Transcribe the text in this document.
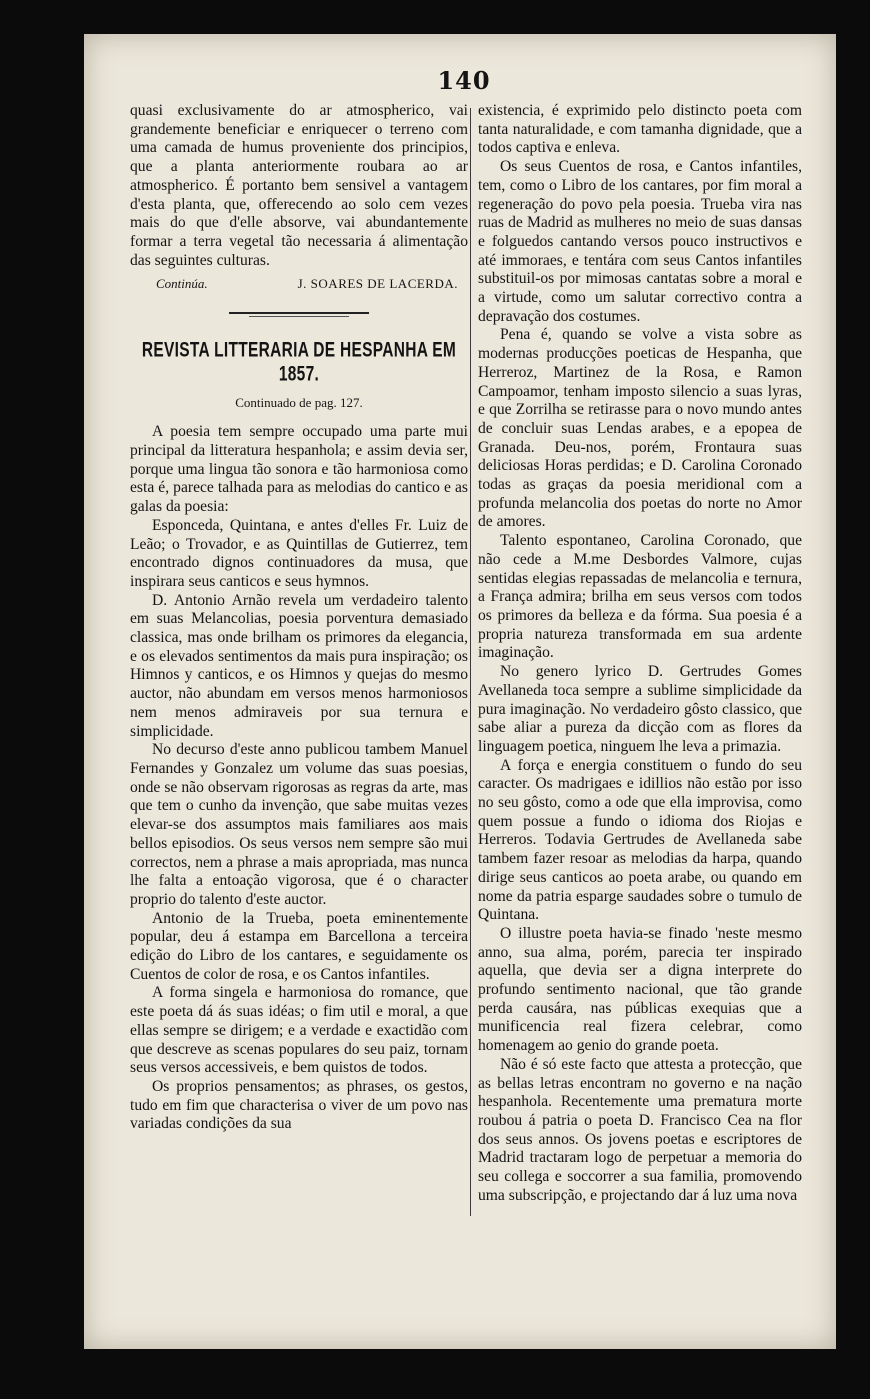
140

quasi exclusivamente do ar atmospherico, vai grandemente beneficiar e enriquecer o terreno com uma camada de humus proveniente dos principios, que a planta anteriormente roubara ao ar atmospherico. É portanto bem sensivel a vantagem d'esta planta, que, offerecendo ao solo cem vezes mais do que d'elle absorve, vai abundantemente formar a terra vegetal tão necessaria á alimentação das seguintes culturas.

Continúa.	J. SOARES DE LACERDA.
REVISTA LITTERARIA DE HESPANHA EM 1857.
Continuado de pag. 127.

A poesia tem sempre occupado uma parte mui principal da litteratura hespanhola; e assim devia ser, porque uma lingua tão sonora e tão harmoniosa como esta é, parece talhada para as melodias do cantico e as galas da poesia:

Esponceda, Quintana, e antes d'elles Fr. Luiz de Leão; o Trovador, e as Quintillas de Gutierrez, tem encontrado dignos continuadores da musa, que inspirara seus canticos e seus hymnos.

D. Antonio Arnão revela um verdadeiro talento em suas Melancolias, poesia porventura demasiado classica, mas onde brilham os primores da elegancia, e os elevados sentimentos da mais pura inspiração; os Himnos y canticos, e os Himnos y quejas do mesmo auctor, não abundam em versos menos harmoniosos nem menos admiraveis por sua ternura e simplicidade.

No decurso d'este anno publicou tambem Manuel Fernandes y Gonzalez um volume das suas poesias, onde se não observam rigorosas as regras da arte, mas que tem o cunho da invenção, que sabe muitas vezes elevar-se dos assumptos mais familiares aos mais bellos episodios. Os seus versos nem sempre são mui correctos, nem a phrase a mais apropriada, mas nunca lhe falta a entoação vigorosa, que é o character proprio do talento d'este auctor.

Antonio de la Trueba, poeta eminentemente popular, deu á estampa em Barcellona a terceira edição do Libro de los cantares, e seguidamente os Cuentos de color de rosa, e os Cantos infantiles.

A forma singela e harmoniosa do romance, que este poeta dá ás suas idéas; o fim util e moral, a que ellas sempre se dirigem; e a verdade e exactidão com que descreve as scenas populares do seu paiz, tornam seus versos accessiveis, e bem quistos de todos.

Os proprios pensamentos; as phrases, os gestos, tudo em fim que characterisa o viver de um povo nas variadas condições da sua

existencia, é exprimido pelo distincto poeta com tanta naturalidade, e com tamanha dignidade, que a todos captiva e enleva.

Os seus Cuentos de rosa, e Cantos infantiles, tem, como o Libro de los cantares, por fim moral a regeneração do povo pela poesia. Trueba vira nas ruas de Madrid as mulheres no meio de suas dansas e folguedos cantando versos pouco instructivos e até immoraes, e tentára com seus Cantos infantiles substituil-os por mimosas cantatas sobre a moral e a virtude, como um salutar correctivo contra a depravação dos costumes.

Pena é, quando se volve a vista sobre as modernas producções poeticas de Hespanha, que Herreroz, Martinez de la Rosa, e Ramon Campoamor, tenham imposto silencio a suas lyras, e que Zorrilha se retirasse para o novo mundo antes de concluir suas Lendas arabes, e a epopea de Granada. Deu-nos, porém, Frontaura suas deliciosas Horas perdidas; e D. Carolina Coronado todas as graças da poesia meridional com a profunda melancolia dos poetas do norte no Amor de amores.

Talento espontaneo, Carolina Coronado, que não cede a M.me Desbordes Valmore, cujas sentidas elegias repassadas de melancolia e ternura, a França admira; brilha em seus versos com todos os primores da belleza e da fórma. Sua poesia é a propria natureza transformada em sua ardente imaginação.

No genero lyrico D. Gertrudes Gomes Avellaneda toca sempre a sublime simplicidade da pura imaginação. No verdadeiro gôsto classico, que sabe aliar a pureza da dicção com as flores da linguagem poetica, ninguem lhe leva a primazia.

A força e energia constituem o fundo do seu caracter. Os madrigaes e idillios não estão por isso no seu gôsto, como a ode que ella improvisa, como quem possue a fundo o idioma dos Riojas e Herreros. Todavia Gertrudes de Avellaneda sabe tambem fazer resoar as melodias da harpa, quando dirige seus canticos ao poeta arabe, ou quando em nome da patria esparge saudades sobre o tumulo de Quintana.

O illustre poeta havia-se finado 'neste mesmo anno, sua alma, porém, parecia ter inspirado aquella, que devia ser a digna interprete do profundo sentimento nacional, que tão grande perda causára, nas públicas exequias que a munificencia real fizera celebrar, como homenagem ao genio do grande poeta.

Não é só este facto que attesta a protecção, que as bellas letras encontram no governo e na nação hespanhola. Recentemente uma prematura morte roubou á patria o poeta D. Francisco Cea na flor dos seus annos. Os jovens poetas e escriptores de Madrid tractaram logo de perpetuar a memoria do seu collega e soccorrer a sua familia, promovendo uma subscripção, e projectando dar á luz uma nova
